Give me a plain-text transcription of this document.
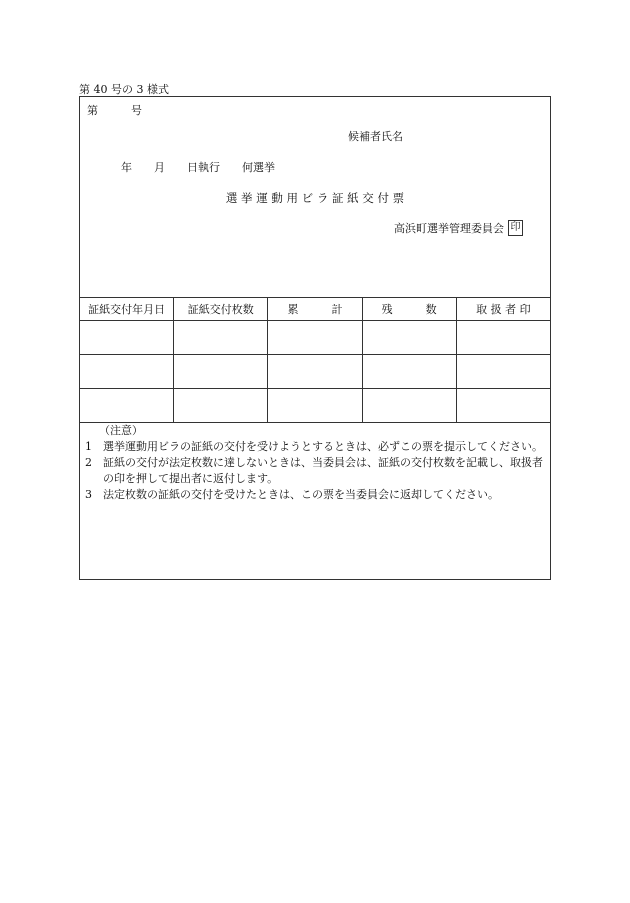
第 40 号の 3 様式
第　　　号
候補者氏名
年　　月　　日執行　　何選挙
選 挙 運 動 用 ビ ラ 証 紙 交 付 票
高浜町選挙管理委員会 印
証紙交付年月日	証紙交付枚数	累　　　計	残　　　数	取 扱 者 印

（注意）
1	選挙運動用ビラの証紙の交付を受けようとするときは、必ずこの票を提示してください。
2	証紙の交付が法定枚数に達しないときは、当委員会は、証紙の交付枚数を記載し、取扱者の印を押して提出者に返付します。
3	法定枚数の証紙の交付を受けたときは、この票を当委員会に返却してください。
